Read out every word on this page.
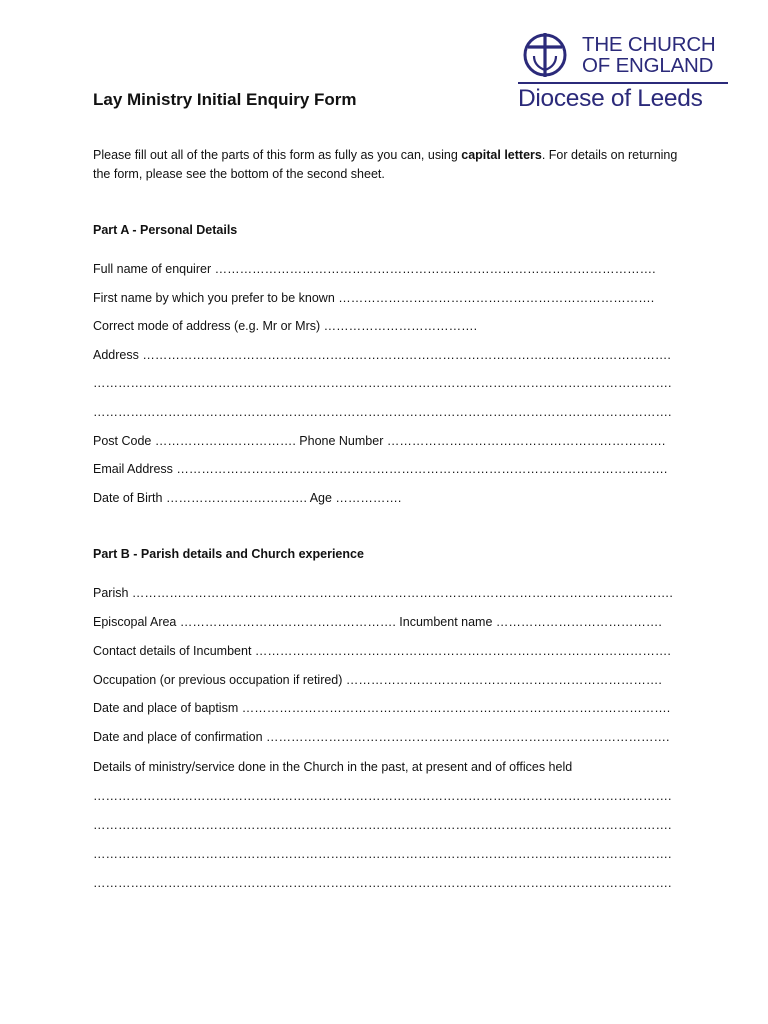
THE CHURCH
OF ENGLAND
Diocese of Leeds
Lay Ministry Initial Enquiry Form
Please fill out all of the parts of this form as fully as you can, using capital letters. For details on returning the form, please see the bottom of the second sheet.
Part A - Personal Details
Full name of enquirer …………………………………………………………………………………………….
First name by which you prefer to be known ………………………………………………………………….
Correct mode of address (e.g. Mr or Mrs) ……………………………….
Address ……………………………………………………………………………………………………………….
………………………………………………………………………………………………………………………….
………………………………………………………………………………………………………………………….
Post Code ……………………………. Phone Number ………………………………………………………….
Email Address ……………………………………………………………………………………………………….
Date of Birth ……………………………. Age …………….
Part B - Parish details and Church experience
Parish ………………………………………………………………………………………………………………….
Episcopal Area ……………………………………………. Incumbent name ………………………………….
Contact details of Incumbent ……………………………………………………………………………………….
Occupation (or previous occupation if retired) ………………………………………………………………….
Date and place of baptism ………………………………………………………………………………………….
Date and place of confirmation …………………………………………………………………………………….
Details of ministry/service done in the Church in the past, at present and of offices held
………………………………………………………………………………………………………………………….
………………………………………………………………………………………………………………………….
………………………………………………………………………………………………………………………….
………………………………………………………………………………………………………………………….
